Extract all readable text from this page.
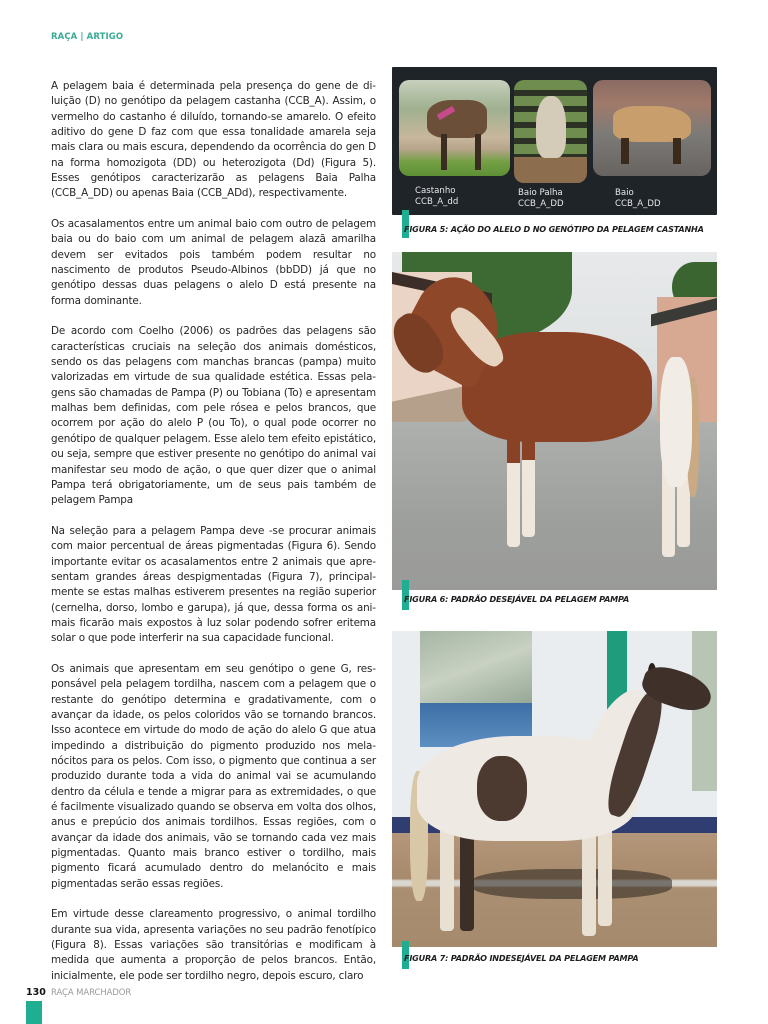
RAÇA | ARTIGO

A pelagem baia é determinada pela presença do gene de diluição (D) no genótipo da pelagem castanha (CCB_A). Assim, o vermelho do castanho é diluído, tornando-se amarelo. O efeito aditivo do gene D faz com que essa tonalidade amarela seja mais clara ou mais escura, dependendo da ocorrência do gen D na forma homozigota (DD) ou heterozigota (Dd) (Figura 5). Esses genótipos caracterizarão as pelagens Baia Palha (CCB_A_DD) ou apenas Baia (CCB_ADd), respectivamente.

Os acasalamentos entre um animal baio com outro de pelagem baia ou do baio com um animal de pelagem alazã amarilha devem ser evitados pois também podem resultar no nascimento de produtos Pseudo-Albinos (bbDD) já que no genótipo dessas duas pelagens o alelo D está presente na forma dominante.

De acordo com Coelho (2006) os padrões das pelagens são características cruciais na seleção dos animais domésticos, sendo os das pelagens com manchas brancas (pampa) muito valorizadas em virtude de sua qualidade estética. Essas pelagens são chamadas de Pampa (P) ou Tobiana (To) e apresentam malhas bem definidas, com pele rósea e pelos brancos, que ocorrem por ação do alelo P (ou To), o qual pode ocorrer no genótipo de qualquer pelagem. Esse alelo tem efeito epistático, ou seja, sempre que estiver presente no genótipo do animal vai manifestar seu modo de ação, o que quer dizer que o animal Pampa terá obrigatoriamente, um de seus pais também de pelagem Pampa

Na seleção para a pelagem Pampa deve -se procurar animais com maior percentual de áreas pigmentadas (Figura 6). Sendo importante evitar os acasalamentos entre 2 animais que apresentam grandes áreas despigmentadas (Figura 7), principalmente se estas malhas estiverem presentes na região superior (cernelha, dorso, lombo e garupa), já que, dessa forma os animais ficarão mais expostos à luz solar podendo sofrer eritema solar o que pode interferir na sua capacidade funcional.

Os animais que apresentam em seu genótipo o gene G, responsável pela pelagem tordilha, nascem com a pelagem que o restante do genótipo determina e gradativamente, com o avançar da idade, os pelos coloridos vão se tornando brancos. Isso acontece em virtude do modo de ação do alelo G que atua impedindo a distribuição do pigmento produzido nos melanócitos para os pelos. Com isso, o pigmento que continua a ser produzido durante toda a vida do animal vai se acumulando dentro da célula e tende a migrar para as extremidades, o que é facilmente visualizado quando se observa em volta dos olhos, anus e prepúcio dos animais tordilhos. Essas regiões, com o avançar da idade dos animais, vão se tornando cada vez mais pigmentadas. Quanto mais branco estiver o tordilho, mais pigmento ficará acumulado dentro do melanócito e mais pigmentadas serão essas regiões.

Em virtude desse clareamento progressivo, o animal tordilho durante sua vida, apresenta variações no seu padrão fenotípico (Figura 8). Essas variações são transitórias e modificam à medida que aumenta a proporção de pelos brancos. Então, inicialmente, ele pode ser tordilho negro, depois escuro, claro

Castanho
CCB_A_dd
Baio Palha
CCB_A_DD
Baio
CCB_A_DD
FIGURA 5: AÇÃO DO ALELO D NO GENÓTIPO DA PELAGEM CASTANHA
FIGURA 6: PADRÃO DESEJÁVEL DA PELAGEM PAMPA
FIGURA 7: PADRÃO INDESEJÁVEL DA PELAGEM PAMPA
130 RAÇA MARCHADOR
